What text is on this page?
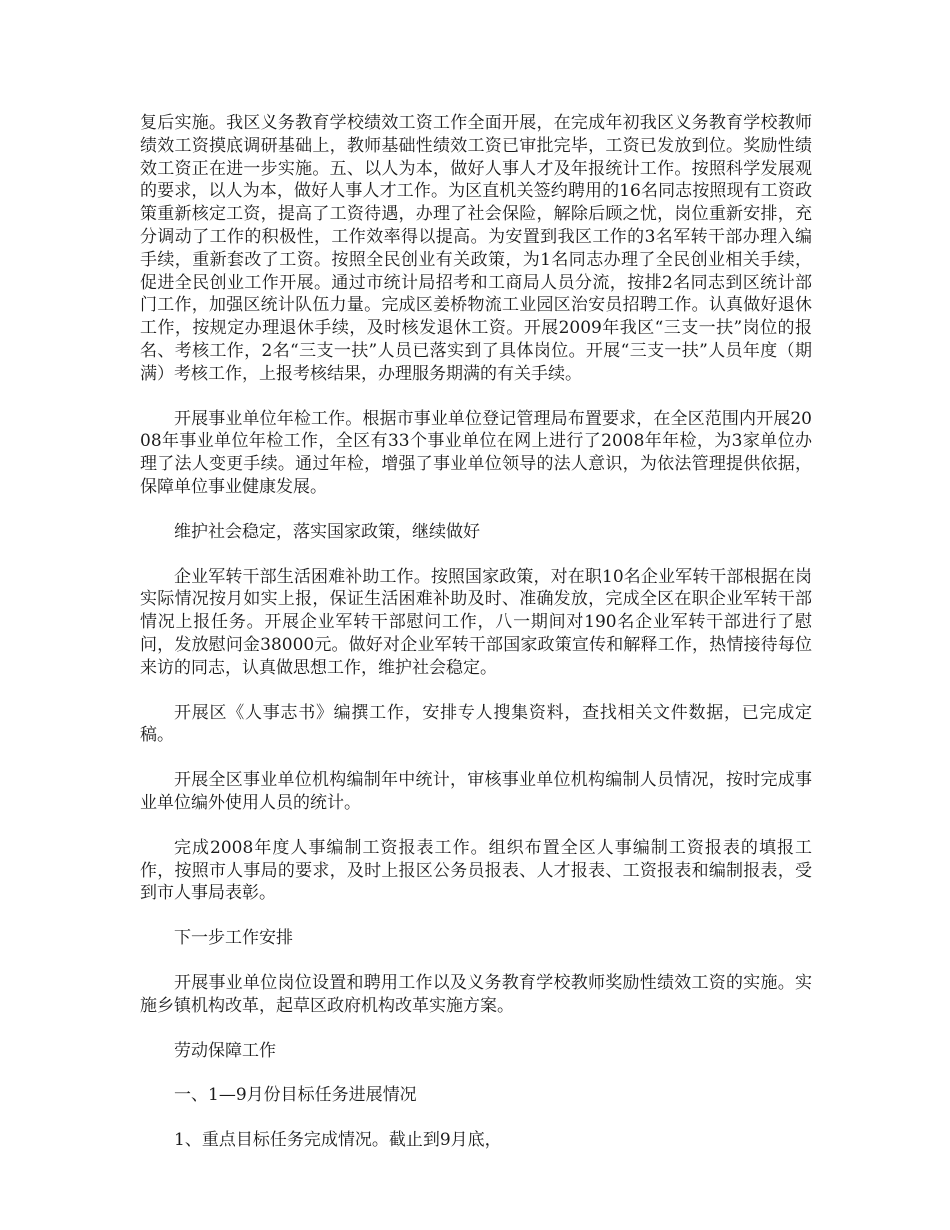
复后实施。我区义务教育学校绩效工资工作全面开展，在完成年初我区义务教育学校教师绩效工资摸底调研基础上，教师基础性绩效工资已审批完毕，工资已发放到位。奖励性绩效工资正在进一步实施。五、以人为本，做好人事人才及年报统计工作。按照科学发展观的要求，以人为本，做好人事人才工作。为区直机关签约聘用的16名同志按照现有工资政策重新核定工资，提高了工资待遇，办理了社会保险，解除后顾之忧，岗位重新安排，充分调动了工作的积极性，工作效率得以提高。为安置到我区工作的3名军转干部办理入编手续，重新套改了工资。按照全民创业有关政策，为1名同志办理了全民创业相关手续，促进全民创业工作开展。通过市统计局招考和工商局人员分流，按排2名同志到区统计部门工作，加强区统计队伍力量。完成区姜桥物流工业园区治安员招聘工作。认真做好退休工作，按规定办理退休手续，及时核发退休工资。开展2009年我区“三支一扶”岗位的报名、考核工作，2名“三支一扶”人员已落实到了具体岗位。开展“三支一扶”人员年度（期满）考核工作，上报考核结果，办理服务期满的有关手续。

开展事业单位年检工作。根据市事业单位登记管理局布置要求，在全区范围内开展2008年事业单位年检工作，全区有33个事业单位在网上进行了2008年年检，为3家单位办理了法人变更手续。通过年检，增强了事业单位领导的法人意识，为依法管理提供依据，保障单位事业健康发展。

维护社会稳定，落实国家政策，继续做好

企业军转干部生活困难补助工作。按照国家政策，对在职10名企业军转干部根据在岗实际情况按月如实上报，保证生活困难补助及时、准确发放，完成全区在职企业军转干部情况上报任务。开展企业军转干部慰问工作，八一期间对190名企业军转干部进行了慰问，发放慰问金38000元。做好对企业军转干部国家政策宣传和解释工作，热情接待每位来访的同志，认真做思想工作，维护社会稳定。

开展区《人事志书》编撰工作，安排专人搜集资料，查找相关文件数据，已完成定稿。

开展全区事业单位机构编制年中统计，审核事业单位机构编制人员情况，按时完成事业单位编外使用人员的统计。

完成2008年度人事编制工资报表工作。组织布置全区人事编制工资报表的填报工作，按照市人事局的要求，及时上报区公务员报表、人才报表、工资报表和编制报表，受到市人事局表彰。

下一步工作安排

开展事业单位岗位设置和聘用工作以及义务教育学校教师奖励性绩效工资的实施。实施乡镇机构改革，起草区政府机构改革实施方案。

劳动保障工作

一、1—9月份目标任务进展情况

1、重点目标任务完成情况。截止到9月底，
